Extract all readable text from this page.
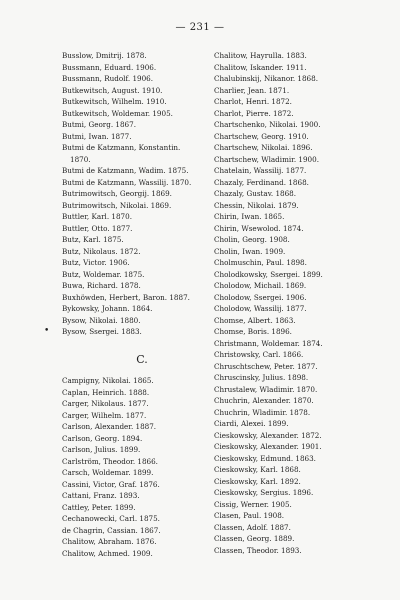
— 231 —
•
Busslow, Dmitrij. 1878.
Bussmann, Eduard. 1906.
Bussmann, Rudolf. 1906.
Butkewitsch, August. 1910.
Butkewitsch, Wilhelm. 1910.
Butkewitsch, Woldemar. 1905.
Butmi, Georg. 1867.
Butmi, Iwan. 1877.
Butmi de Katzmann, Konstantin.
1870.
Butmi de Katzmann, Wadim. 1875.
Butmi de Katzmann, Wassilij. 1870.
Butrimowitsch, Georgij. 1869.
Butrimowitsch, Nikolai. 1869.
Buttler, Karl. 1870.
Buttler, Otto. 1877.
Butz, Karl. 1875.
Butz, Nikolaus. 1872.
Butz, Victor. 1906.
Butz, Woldemar. 1875.
Buwa, Richard. 1878.
Buxhöwden, Herbert, Baron. 1887.
Bykowsky, Johann. 1864.
Bysow, Nikolai. 1880.
Bysow, Ssergei. 1883.
C.
Campigny, Nikolai. 1865.
Caplan, Heinrich. 1888.
Carger, Nikolaus. 1877.
Carger, Wilhelm. 1877.
Carlson, Alexander. 1887.
Carlson, Georg. 1894.
Carlson, Julius. 1899.
Carlström, Theodor. 1866.
Carsch, Woldemar. 1899.
Cassini, Victor, Graf. 1876.
Cattani, Franz. 1893.
Cattley, Peter. 1899.
Cechanowecki, Carl. 1875.
de Chagrin, Cassian. 1867.
Chalitow, Abraham. 1876.
Chalitow, Achmed. 1909.
Chalitow, Hayrulla. 1883.
Chalitow, Iskander. 1911.
Chalubinskij, Nikanor. 1868.
Charlier, Jean. 1871.
Charlot, Henri. 1872.
Charlot, Pierre. 1872.
Chartschenko, Nikolai. 1900.
Chartschew, Georg. 1910.
Chartschew, Nikolai. 1896.
Chartschew, Wladimir. 1900.
Chatelain, Wassilij. 1877.
Chazaly, Ferdinand. 1868.
Chazaly, Gustav. 1868.
Chessin, Nikolai. 1879.
Chirin, Iwan. 1865.
Chirin, Wsewolod. 1874.
Cholin, Georg. 1908.
Cholin, Iwan. 1909.
Cholmuschin, Paul. 1898.
Cholodkowsky, Ssergei. 1899.
Cholodow, Michail. 1869.
Cholodow, Ssergei. 1906.
Cholodow, Wassilij. 1877.
Chomse, Albert. 1863.
Chomse, Boris. 1896.
Christmann, Woldemar. 1874.
Christowsky, Carl. 1866.
Chruschtschew, Peter. 1877.
Chruscinsky, Julius. 1898.
Chrustalew, Wladimir. 1870.
Chuchrin, Alexander. 1870.
Chuchrin, Wladimir. 1878.
Ciardi, Alexei. 1899.
Cieskowsky, Alexander. 1872.
Cieskowsky, Alexander. 1901.
Cieskowsky, Edmund. 1863.
Cieskowsky, Karl. 1868.
Cieskowsky, Karl. 1892.
Cieskowsky, Sergius. 1896.
Cissig, Werner. 1905.
Clasen, Paul. 1908.
Classen, Adolf. 1887.
Classen, Georg. 1889.
Classen, Theodor. 1893.
